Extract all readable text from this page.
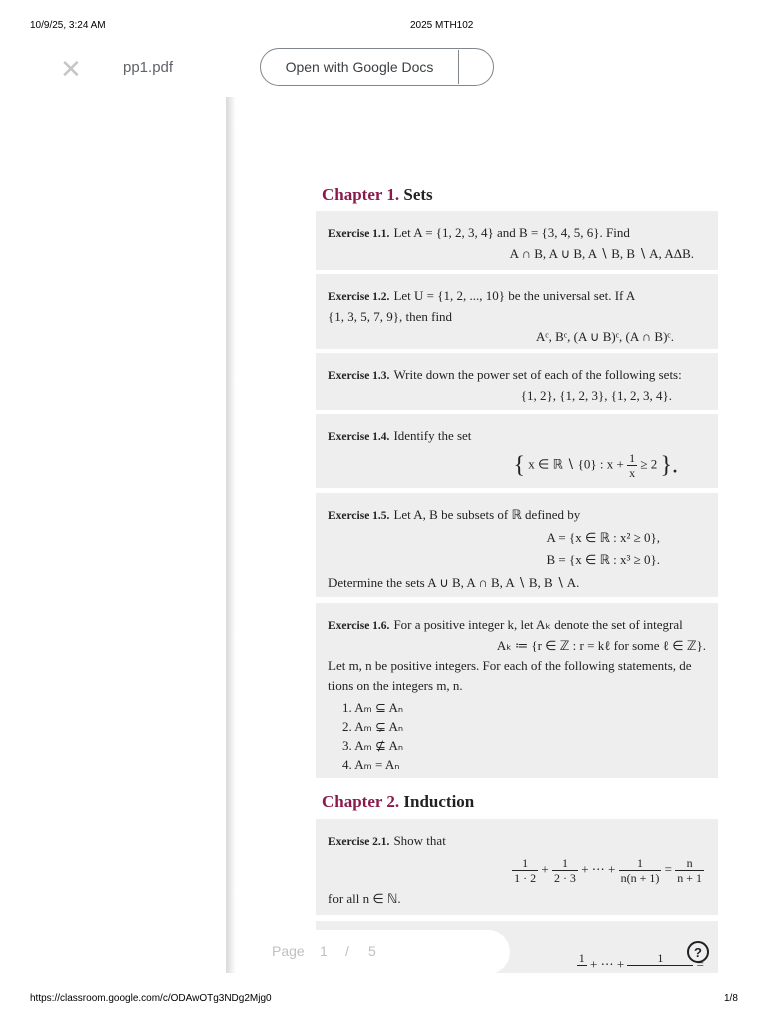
10/9/25, 3:24 AM	2025 MTH102
✕	pp1.pdf	Open with Google Docs
Chapter 1. Sets
Exercise 1.1. Let A = {1, 2, 3, 4} and B = {3, 4, 5, 6}. Find
A ∩ B, A ∪ B, A ∖ B, B ∖ A, AΔB.
Exercise 1.2. Let U = {1, 2, ..., 10} be the universal set. If A
{1, 3, 5, 7, 9}, then find
Aᶜ, Bᶜ, (A ∪ B)ᶜ, (A ∩ B)ᶜ.
Exercise 1.3. Write down the power set of each of the following sets:
{1, 2}, {1, 2, 3}, {1, 2, 3, 4}.
Exercise 1.4. Identify the set
{ x ∈ ℝ ∖ {0} : $x + \frac{1}{x} \ge 2$ }.
Exercise 1.5. Let A, B be subsets of ℝ defined by
A = {x ∈ ℝ : x² ≥ 0},
B = {x ∈ ℝ : x³ ≥ 0}.
Determine the sets A ∪ B, A ∩ B, A ∖ B, B ∖ A.
Exercise 1.6. For a positive integer k, let Aₖ denote the set of integral
Aₖ ≔ {r ∈ ℤ : r = kℓ for some ℓ ∈ ℤ}.
Let m, n be positive integers. For each of the following statements, de
tions on the integers m, n.
1. Aₘ ⊆ Aₙ
2. Aₘ ⊊ Aₙ
3. Aₘ ⊈ Aₙ
4. Aₘ = Aₙ
Chapter 2. Induction
Exercise 2.1. Show that
$\frac{1}{1 \cdot 2} + \frac{1}{2 \cdot 3}$ + ⋯ + $\frac{1}{n(n + 1)} = \frac{n}{n + 1}$
for all n ∈ ℕ.
1
+ ⋯ +	1
	=
Page 1 / 5	?
https://classroom.google.com/c/ODAwOTg3NDg2Mjg0	1/8
